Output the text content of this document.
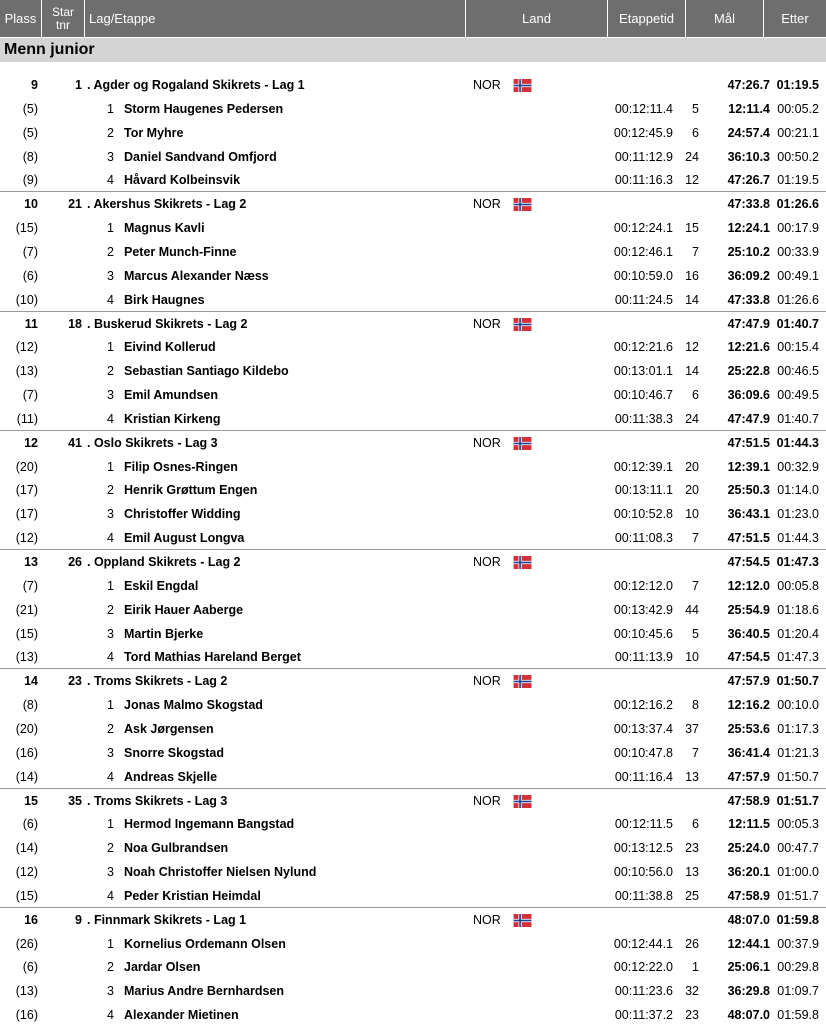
Plass	Star
tnr	Lag/Etappe	Land	Etappetid	Mål	Etter
Menn junior
9	1 . Agder og Rogaland Skikrets - Lag 1	NOR	47:26.7 01:19.5
(5)	1 Storm Haugenes Pedersen	00:12:11.4	5	12:11.4 00:05.2
(5)	2 Tor Myhre	00:12:45.9	6	24:57.4 00:21.1
(8)	3 Daniel Sandvand Omfjord	00:11:12.9 24	36:10.3 00:50.2
(9)	4 Håvard Kolbeinsvik	00:11:16.3 12	47:26.7 01:19.5
10	21 . Akershus Skikrets - Lag 2	NOR	47:33.8 01:26.6
(15)	1 Magnus Kavli	00:12:24.1 15	12:24.1 00:17.9
(7)	2 Peter Munch-Finne	00:12:46.1	7	25:10.2 00:33.9
(6)	3 Marcus Alexander Næss	00:10:59.0 16	36:09.2 00:49.1
(10)	4 Birk Haugnes	00:11:24.5 14	47:33.8 01:26.6
11	18 . Buskerud Skikrets - Lag 2	NOR	47:47.9 01:40.7
(12)	1 Eivind Kollerud	00:12:21.6 12	12:21.6 00:15.4
(13)	2 Sebastian Santiago Kildebo	00:13:01.1 14	25:22.8 00:46.5
(7)	3 Emil Amundsen	00:10:46.7	6	36:09.6 00:49.5
(11)	4 Kristian Kirkeng	00:11:38.3 24	47:47.9 01:40.7
12	41 . Oslo Skikrets - Lag 3	NOR	47:51.5 01:44.3
(20)	1 Filip Osnes-Ringen	00:12:39.1 20	12:39.1 00:32.9
(17)	2 Henrik Grøttum Engen	00:13:11.1 20	25:50.3 01:14.0
(17)	3 Christoffer Widding	00:10:52.8 10	36:43.1 01:23.0
(12)	4 Emil August Longva	00:11:08.3	7	47:51.5 01:44.3
13	26 . Oppland Skikrets - Lag 2	NOR	47:54.5 01:47.3
(7)	1 Eskil Engdal	00:12:12.0	7	12:12.0 00:05.8
(21)	2 Eirik Hauer Aaberge	00:13:42.9 44	25:54.9 01:18.6
(15)	3 Martin Bjerke	00:10:45.6	5	36:40.5 01:20.4
(13)	4 Tord Mathias Hareland Berget	00:11:13.9 10	47:54.5 01:47.3
14	23 . Troms Skikrets - Lag 2	NOR	47:57.9 01:50.7
(8)	1 Jonas Malmo Skogstad	00:12:16.2	8	12:16.2 00:10.0
(20)	2 Ask Jørgensen	00:13:37.4 37	25:53.6 01:17.3
(16)	3 Snorre Skogstad	00:10:47.8	7	36:41.4 01:21.3
(14)	4 Andreas Skjelle	00:11:16.4 13	47:57.9 01:50.7
15	35 . Troms Skikrets - Lag 3	NOR	47:58.9 01:51.7
(6)	1 Hermod Ingemann Bangstad	00:12:11.5	6	12:11.5 00:05.3
(14)	2 Noa Gulbrandsen	00:13:12.5 23	25:24.0 00:47.7
(12)	3 Noah Christoffer Nielsen Nylund	00:10:56.0 13	36:20.1 01:00.0
(15)	4 Peder Kristian Heimdal	00:11:38.8 25	47:58.9 01:51.7
16	9 . Finnmark Skikrets - Lag 1	NOR	48:07.0 01:59.8
(26)	1 Kornelius Ordemann Olsen	00:12:44.1 26	12:44.1 00:37.9
(6)	2 Jardar Olsen	00:12:22.0	1	25:06.1 00:29.8
(13)	3 Marius Andre Bernhardsen	00:11:23.6 32	36:29.8 01:09.7
(16)	4 Alexander Mietinen	00:11:37.2 23	48:07.0 01:59.8
